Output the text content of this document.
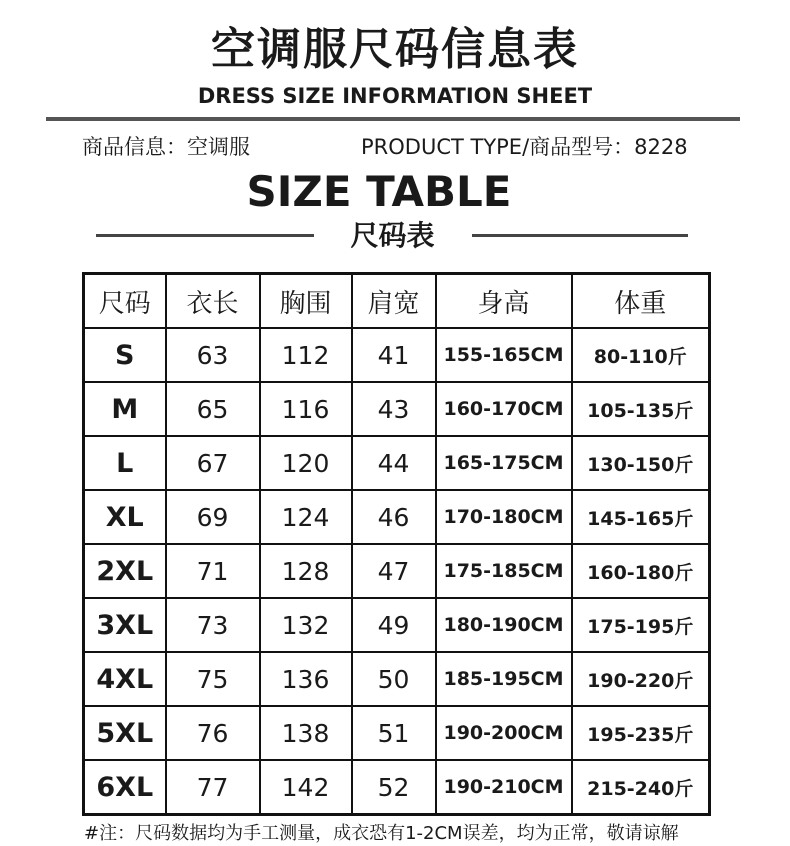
空调服尺码信息表
DRESS SIZE INFORMATION SHEET
商品信息：空调服	PRODUCT TYPE/商品型号：8228
SIZE TABLE
尺码表
尺码	衣长	胸围	肩宽	身高	体重
S	63	112	41	155-165CM	80-110斤
M	65	116	43	160-170CM	105-135斤
L	67	120	44	165-175CM	130-150斤
XL	69	124	46	170-180CM	145-165斤
2XL	71	128	47	175-185CM	160-180斤
3XL	73	132	49	180-190CM	175-195斤
4XL	75	136	50	185-195CM	190-220斤
5XL	76	138	51	190-200CM	195-235斤
6XL	77	142	52	190-210CM	215-240斤
#注：尺码数据均为手工测量，成衣恐有1-2CM误差，均为正常，敬请谅解
